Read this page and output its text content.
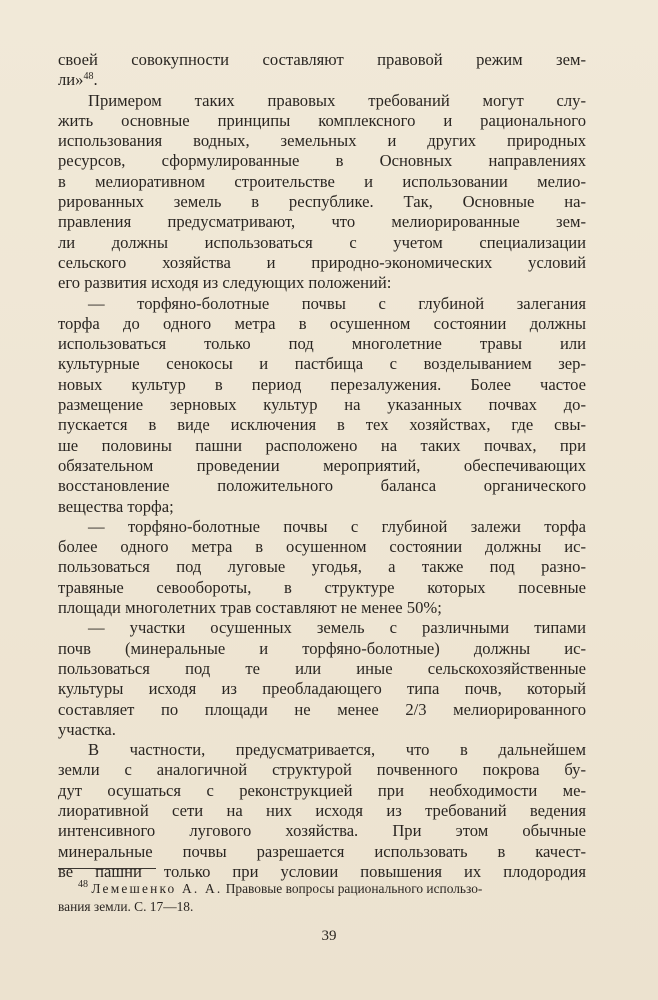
своей совокупности составляют правовой режим зем-
ли»$^{48}$.
Примером таких правовых требований могут слу-
жить основные принципы комплексного и рационального
использования водных, земельных и других природных
ресурсов, сформулированные в Основных направлениях
в мелиоративном строительстве и использовании мелио-
рированных земель в республике. Так, Основные на-
правления предусматривают, что мелиорированные зем-
ли должны использоваться с учетом специализации
сельского хозяйства и природно-экономических условий
его развития исходя из следующих положений:
— торфяно-болотные почвы с глубиной залегания
торфа до одного метра в осушенном состоянии должны
использоваться только под многолетние травы или
культурные сенокосы и пастбища с возделыванием зер-
новых культур в период перезалужения. Более частое
размещение зерновых культур на указанных почвах до-
пускается в виде исключения в тех хозяйствах, где свы-
ше половины пашни расположено на таких почвах, при
обязательном проведении мероприятий, обеспечивающих
восстановление положительного баланса органического
вещества торфа;
— торфяно-болотные почвы с глубиной залежи торфа
более одного метра в осушенном состоянии должны ис-
пользоваться под луговые угодья, а также под разно-
травяные севообороты, в структуре которых посевные
площади многолетних трав составляют не менее 50%;
— участки осушенных земель с различными типами
почв (минеральные и торфяно-болотные) должны ис-
пользоваться под те или иные сельскохозяйственные
культуры исходя из преобладающего типа почв, который
составляет по площади не менее 2/3 мелиорированного
участка.
В частности, предусматривается, что в дальнейшем
земли с аналогичной структурой почвенного покрова бу-
дут осушаться с реконструкцией при необходимости ме-
лиоративной сети на них исходя из требований ведения
интенсивного лугового хозяйства. При этом обычные
минеральные почвы разрешается использовать в качест-
ве пашни только при условии повышения их плодородия
$^{48}$ Лемешенко А. А. Правовые вопросы рационального использо-
вания земли. С. 17—18.
39
